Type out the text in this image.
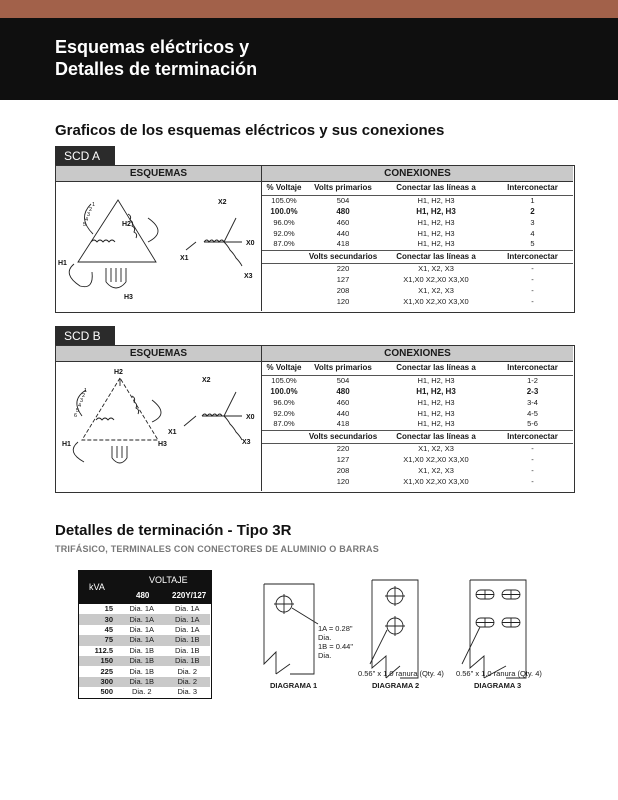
Esquemas eléctricos y
Detalles de terminación
Graficos de los esquemas eléctricos y sus conexiones
SCD A
ESQUEMAS	CONEXIONES
H2
H1
H3
X2
X0
X1
X3
1
2
3
4
5
% Voltaje	Volts primarios	Conectar las líneas a	Interconectar
105.0%	504	H1, H2, H3	1
100.0%	480	H1, H2, H3	2
96.0%	460	H1, H2, H3	3
92.0%	440	H1, H2, H3	4
87.0%	418	H1, H2, H3	5
	Volts secundarios	Conectar las líneas a	Interconectar
	220	X1, X2, X3	-
	127	X1,X0 X2,X0 X3,X0	-
	208	X1, X2, X3	-
	120	X1,X0 X2,X0 X3,X0	-
SCD B
ESQUEMAS	CONEXIONES
H2
H1	H3
X2
X0
X1
X3
1
2
3
4
5
6
% Voltaje	Volts primarios	Conectar las líneas a	Interconectar
105.0%	504	H1, H2, H3	1-2
100.0%	480	H1, H2, H3	2-3
96.0%	460	H1, H2, H3	3-4
92.0%	440	H1, H2, H3	4-5
87.0%	418	H1, H2, H3	5-6
	Volts secundarios	Conectar las líneas a	Interconectar
	220	X1, X2, X3	-
	127	X1,X0 X2,X0 X3,X0	-
	208	X1, X2, X3	-
	120	X1,X0 X2,X0 X3,X0	-
Detalles de terminación - Tipo 3R
TRIFÁSICO, TERMINALES CON CONECTORES DE ALUMINIO O BARRAS
kVA
VOLTAJE
480	220Y/127
15	Dia. 1A	Dia. 1A
30	Dia. 1A	Dia. 1A
45	Dia. 1A	Dia. 1A
75	Dia. 1A	Dia. 1B
112.5	Dia. 1B	Dia. 1B
150	Dia. 1B	Dia. 1B
225	Dia. 1B	Dia. 2
300	Dia. 1B	Dia. 2
500	Dia. 2	Dia. 3
1A = 0.28"
Dia.
1B = 0.44"
Dia.
0.56" x 1.0 ranura (Qty. 4) 0.56" x 1.0 ranura (Qty. 4)
DIAGRAMA 1	DIAGRAMA 2	DIAGRAMA 3
